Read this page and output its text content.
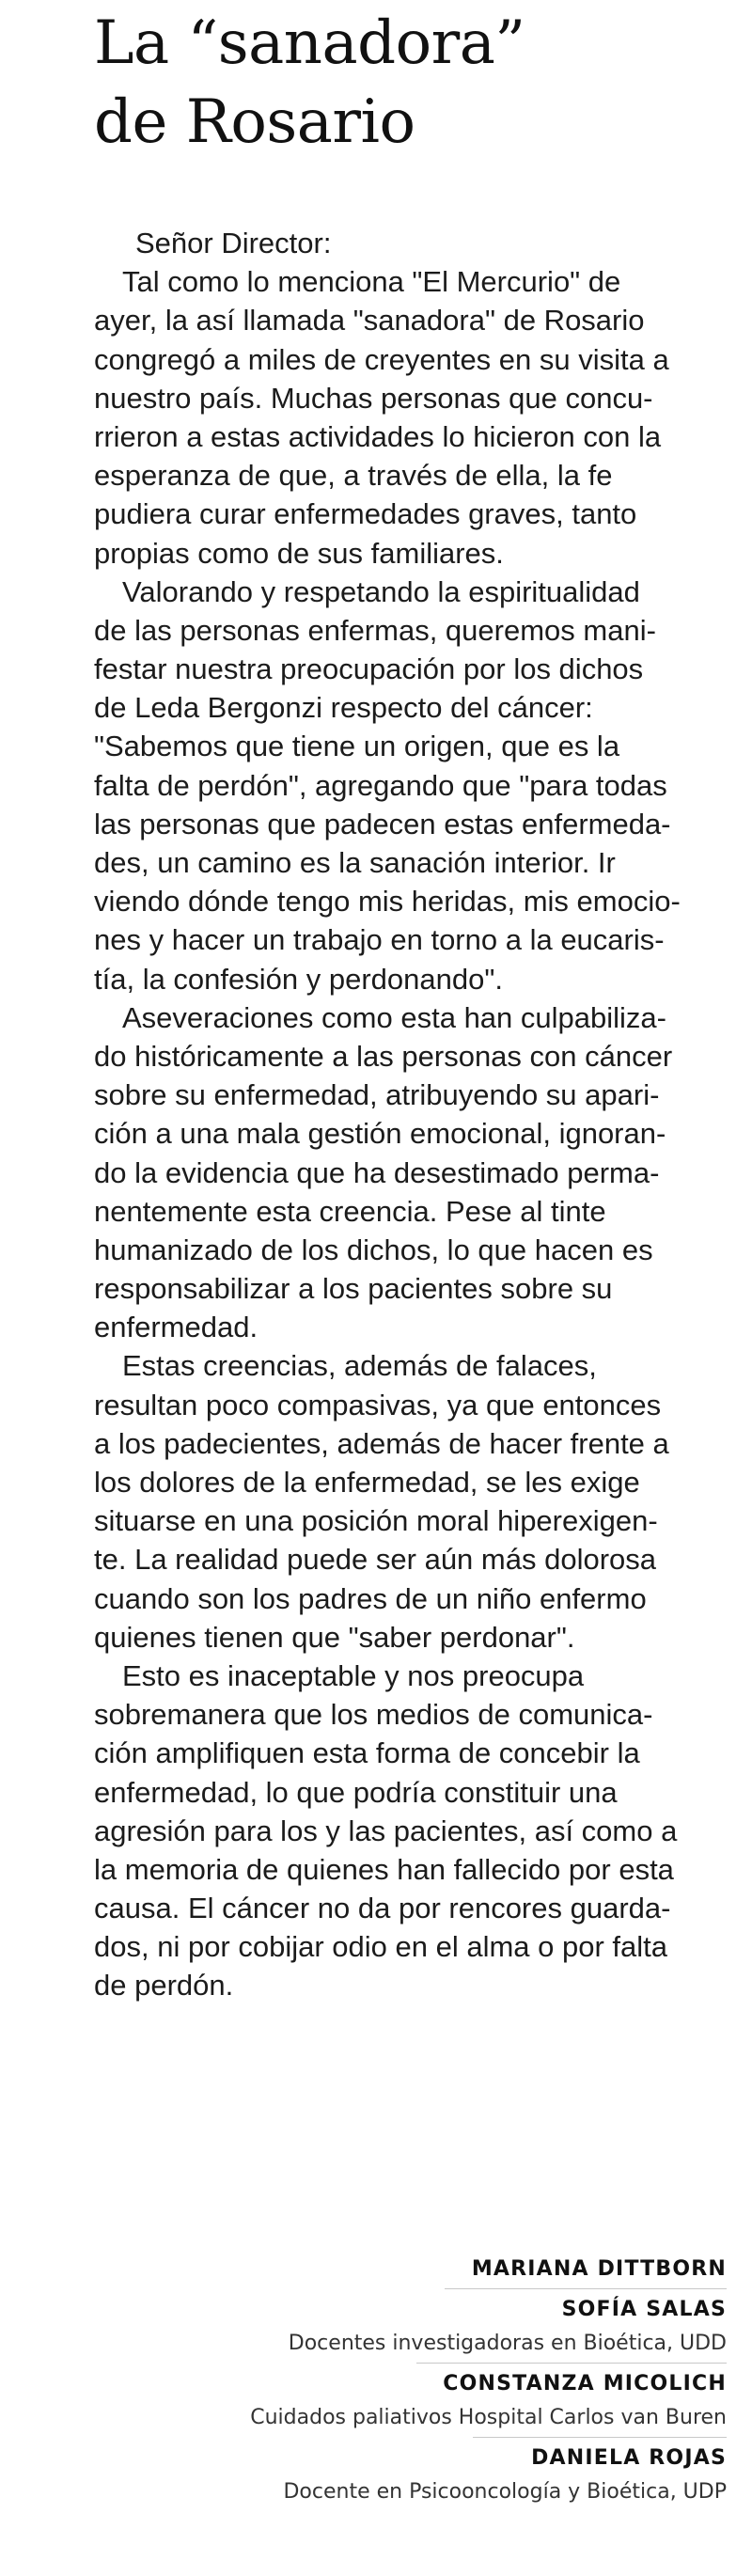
La “sanadora”
de Rosario
Señor Director:
Tal como lo menciona "El Mercurio" de
ayer, la así llamada "sanadora" de Rosario
congregó a miles de creyentes en su visita a
nuestro país. Muchas personas que concu-
rrieron a estas actividades lo hicieron con la
esperanza de que, a través de ella, la fe
pudiera curar enfermedades graves, tanto
propias como de sus familiares.
Valorando y respetando la espiritualidad
de las personas enfermas, queremos mani-
festar nuestra preocupación por los dichos
de Leda Bergonzi respecto del cáncer:
"Sabemos que tiene un origen, que es la
falta de perdón", agregando que "para todas
las personas que padecen estas enfermeda-
des, un camino es la sanación interior. Ir
viendo dónde tengo mis heridas, mis emocio-
nes y hacer un trabajo en torno a la eucaris-
tía, la confesión y perdonando".
Aseveraciones como esta han culpabiliza-
do históricamente a las personas con cáncer
sobre su enfermedad, atribuyendo su apari-
ción a una mala gestión emocional, ignoran-
do la evidencia que ha desestimado perma-
nentemente esta creencia. Pese al tinte
humanizado de los dichos, lo que hacen es
responsabilizar a los pacientes sobre su
enfermedad.
Estas creencias, además de falaces,
resultan poco compasivas, ya que entonces
a los padecientes, además de hacer frente a
los dolores de la enfermedad, se les exige
situarse en una posición moral hiperexigen-
te. La realidad puede ser aún más dolorosa
cuando son los padres de un niño enfermo
quienes tienen que "saber perdonar".
Esto es inaceptable y nos preocupa
sobremanera que los medios de comunica-
ción amplifiquen esta forma de concebir la
enfermedad, lo que podría constituir una
agresión para los y las pacientes, así como a
la memoria de quienes han fallecido por esta
causa. El cáncer no da por rencores guarda-
dos, ni por cobijar odio en el alma o por falta
de perdón.
MARIANA DITTBORN
SOFÍA SALAS
Docentes investigadoras en Bioética, UDD
CONSTANZA MICOLICH
Cuidados paliativos Hospital Carlos van Buren
DANIELA ROJAS
Docente en Psicooncología y Bioética, UDP
